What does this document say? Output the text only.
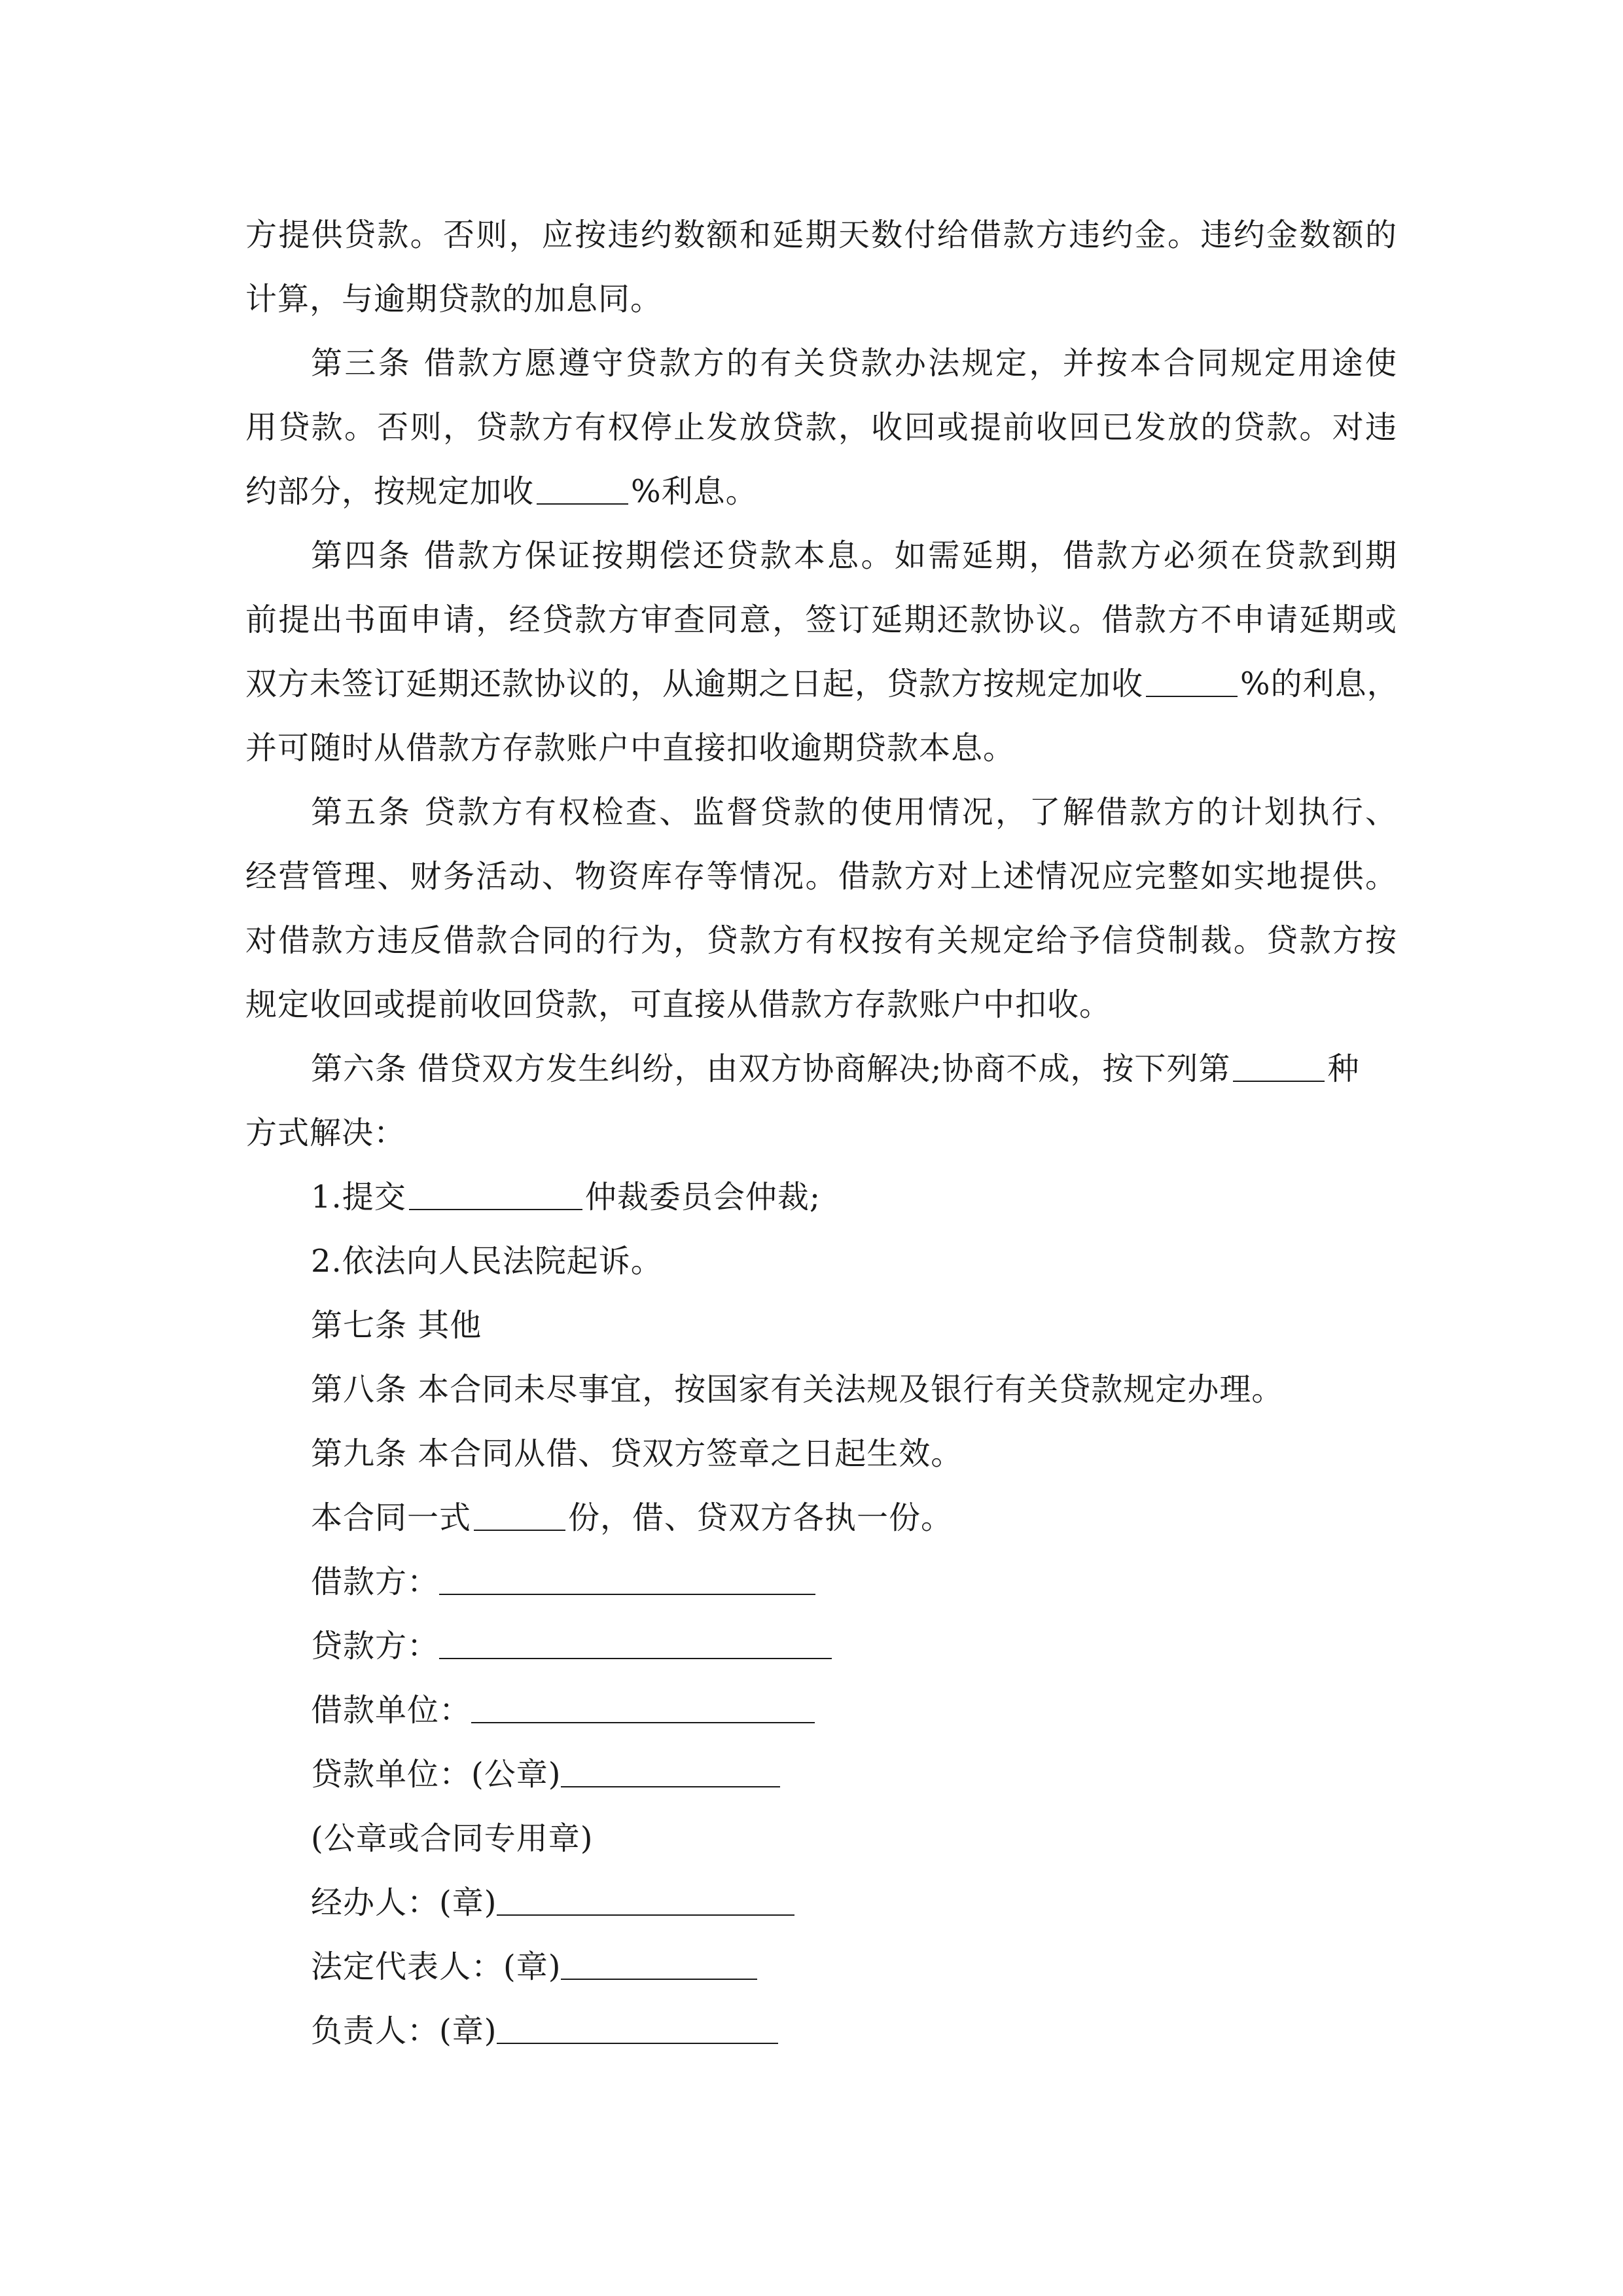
方提供贷款。否则，应按违约数额和延期天数付给借款方违约金。违约金数额的
计算，与逾期贷款的加息同。
第三条 借款方愿遵守贷款方的有关贷款办法规定，并按本合同规定用途使
用贷款。否则，贷款方有权停止发放贷款，收回或提前收回已发放的贷款。对违
约部分，按规定加收	%利息。
第四条 借款方保证按期偿还贷款本息。如需延期，借款方必须在贷款到期
前提出书面申请，经贷款方审查同意，签订延期还款协议。借款方不申请延期或
双方未签订延期还款协议的，从逾期之日起，贷款方按规定加收	%的利息，
并可随时从借款方存款账户中直接扣收逾期贷款本息。
第五条 贷款方有权检查、监督贷款的使用情况，了解借款方的计划执行、
经营管理、财务活动、物资库存等情况。借款方对上述情况应完整如实地提供。
对借款方违反借款合同的行为，贷款方有权按有关规定给予信贷制裁。贷款方按
规定收回或提前收回贷款，可直接从借款方存款账户中扣收。
第六条 借贷双方发生纠纷，由双方协商解决;协商不成，按下列第	种
方式解决：
1.提交	仲裁委员会仲裁;
2.依法向人民法院起诉。
第七条 其他
第八条 本合同未尽事宜，按国家有关法规及银行有关贷款规定办理。
第九条 本合同从借、贷双方签章之日起生效。
本合同一式	份，借、贷双方各执一份。
借款方：
贷款方：
借款单位：
贷款单位：(公章)
(公章或合同专用章)
经办人：(章)
法定代表人：(章)
负责人：(章)
